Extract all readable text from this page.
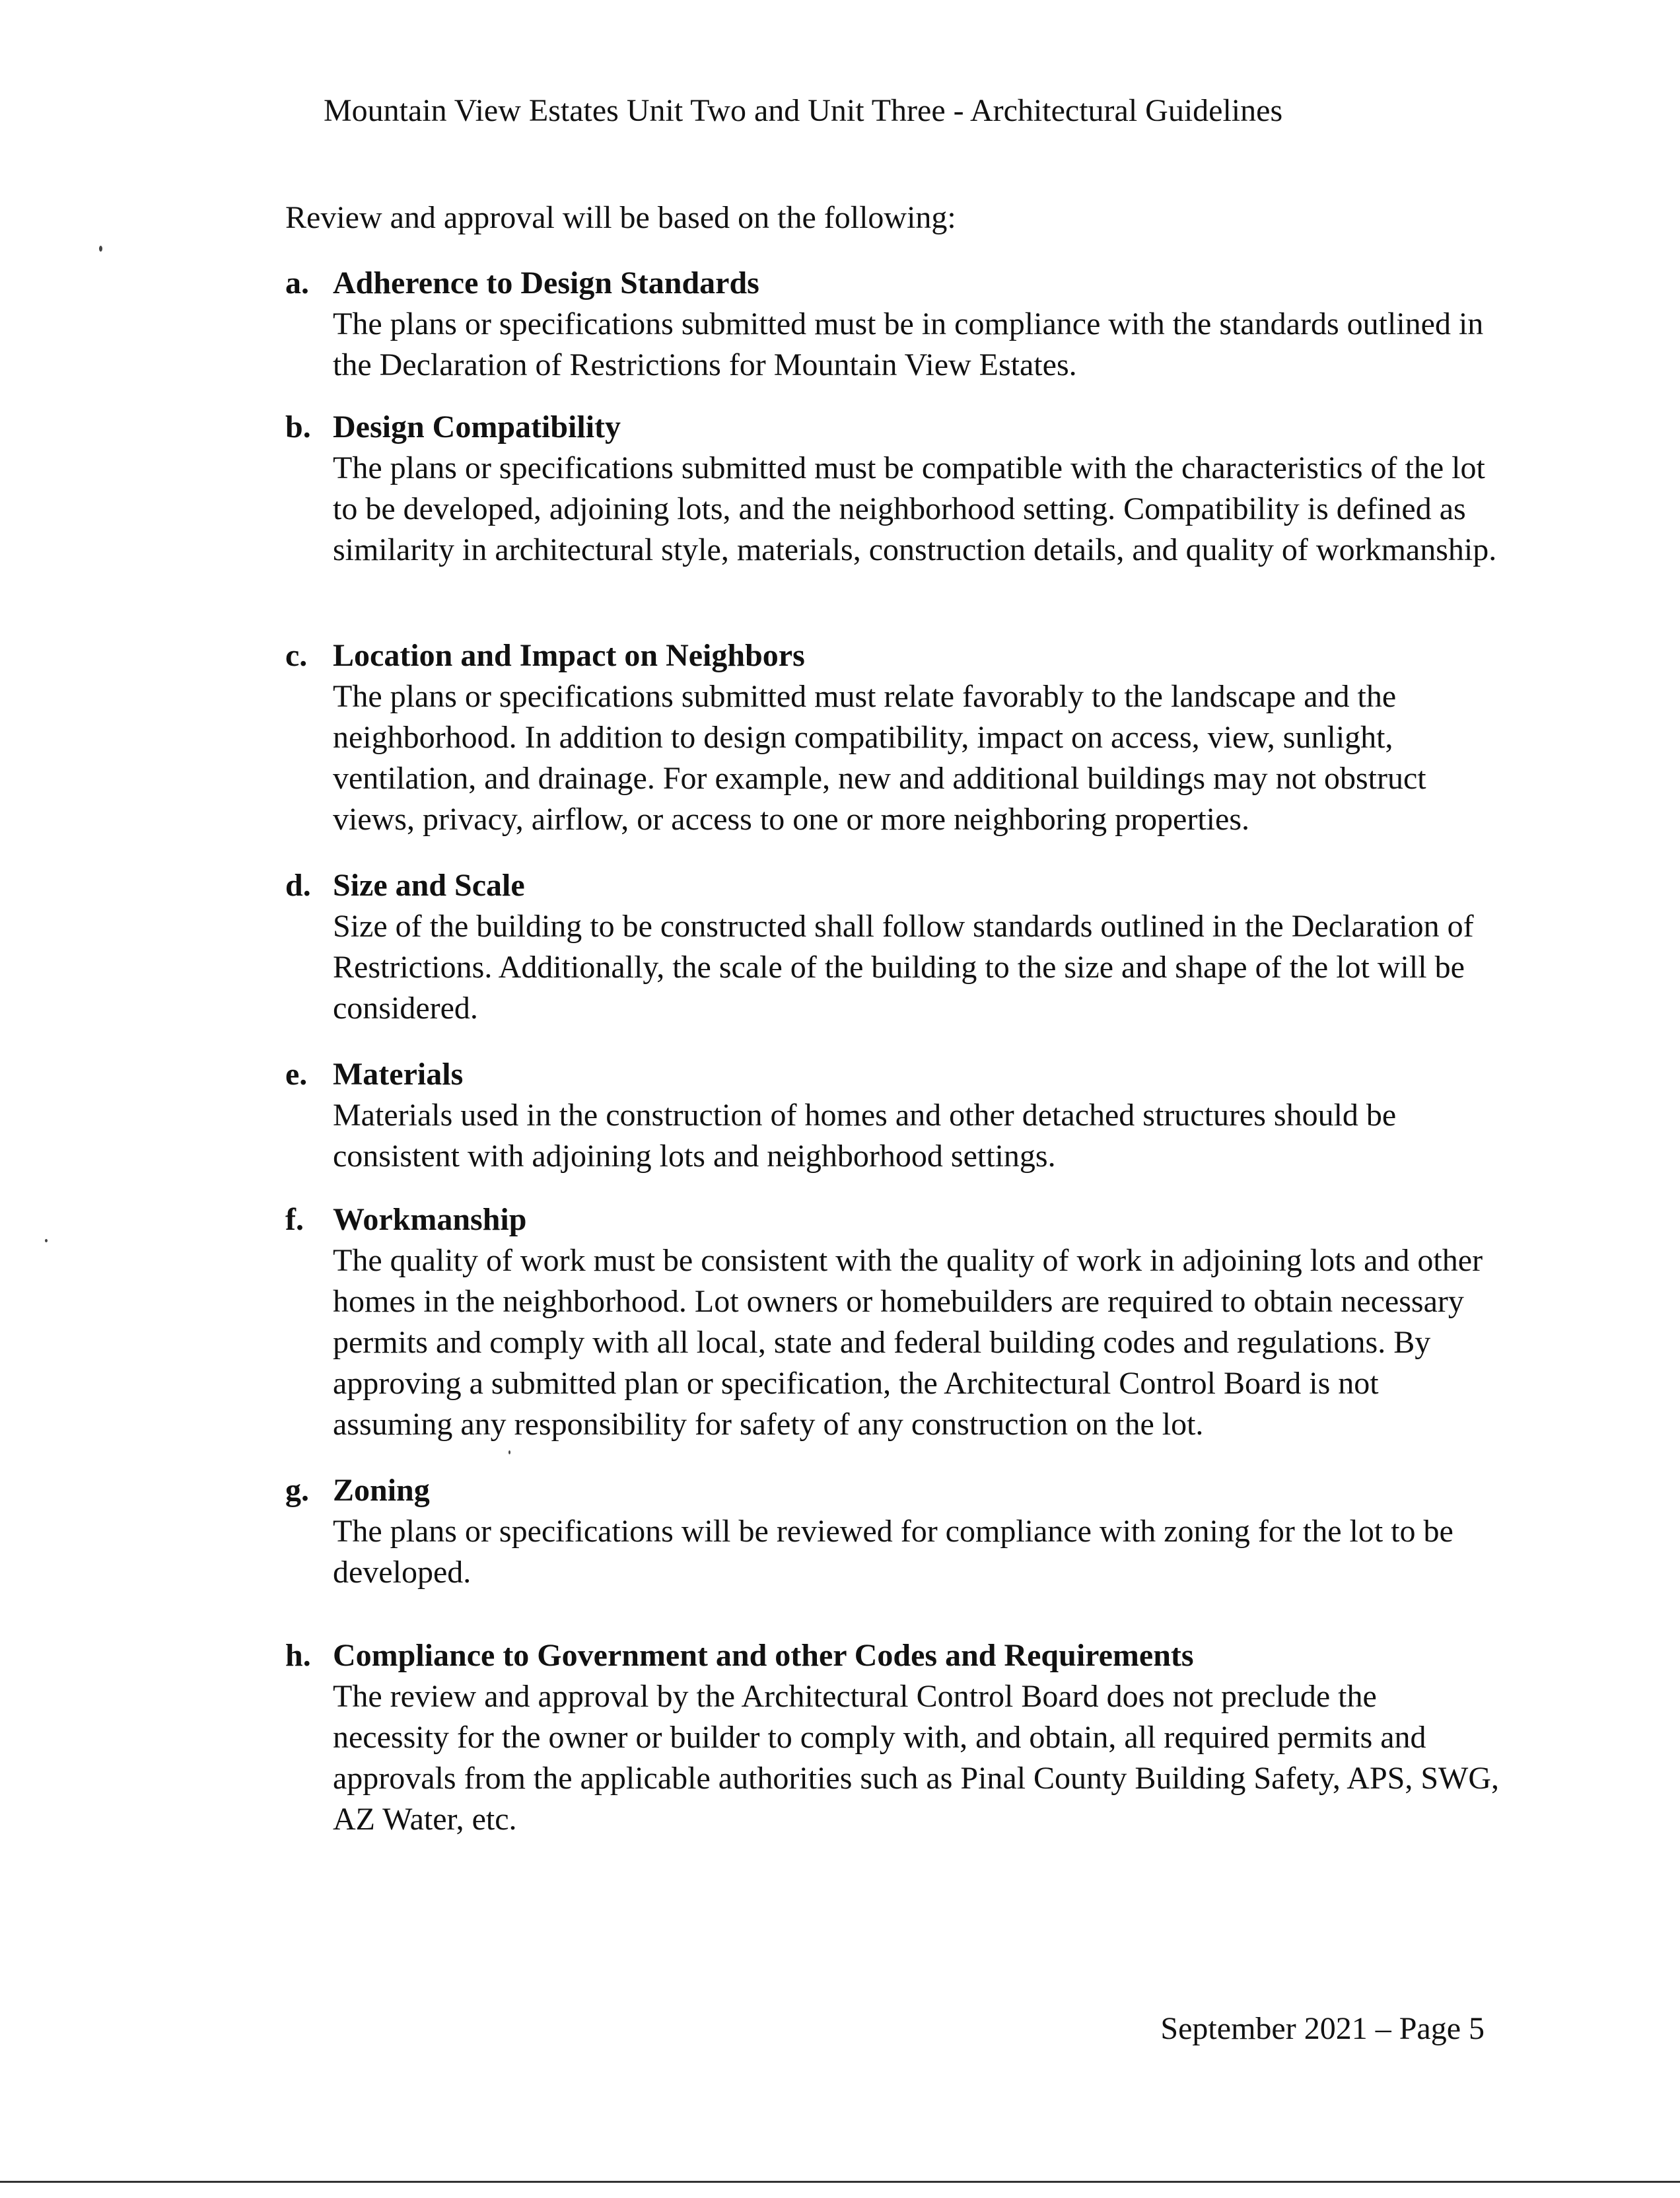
Mountain View Estates Unit Two and Unit Three - Architectural Guidelines
Review and approval will be based on the following:
a. Adherence to Design Standards
The plans or specifications submitted must be in compliance with the standards outlined in the Declaration of Restrictions for Mountain View Estates.
b. Design Compatibility
The plans or specifications submitted must be compatible with the characteristics of the lot to be developed, adjoining lots, and the neighborhood setting. Compatibility is defined as similarity in architectural style, materials, construction details, and quality of workmanship.
c. Location and Impact on Neighbors
The plans or specifications submitted must relate favorably to the landscape and the neighborhood. In addition to design compatibility, impact on access, view, sunlight, ventilation, and drainage. For example, new and additional buildings may not obstruct views, privacy, airflow, or access to one or more neighboring properties.
d. Size and Scale
Size of the building to be constructed shall follow standards outlined in the Declaration of Restrictions. Additionally, the scale of the building to the size and shape of the lot will be considered.
e. Materials
Materials used in the construction of homes and other detached structures should be consistent with adjoining lots and neighborhood settings.
f. Workmanship
The quality of work must be consistent with the quality of work in adjoining lots and other homes in the neighborhood. Lot owners or homebuilders are required to obtain necessary permits and comply with all local, state and federal building codes and regulations. By approving a submitted plan or specification, the Architectural Control Board is not assuming any responsibility for safety of any construction on the lot.
g. Zoning
The plans or specifications will be reviewed for compliance with zoning for the lot to be developed.
h. Compliance to Government and other Codes and Requirements
The review and approval by the Architectural Control Board does not preclude the necessity for the owner or builder to comply with, and obtain, all required permits and approvals from the applicable authorities such as Pinal County Building Safety, APS, SWG, AZ Water, etc.
September 2021 – Page 5
